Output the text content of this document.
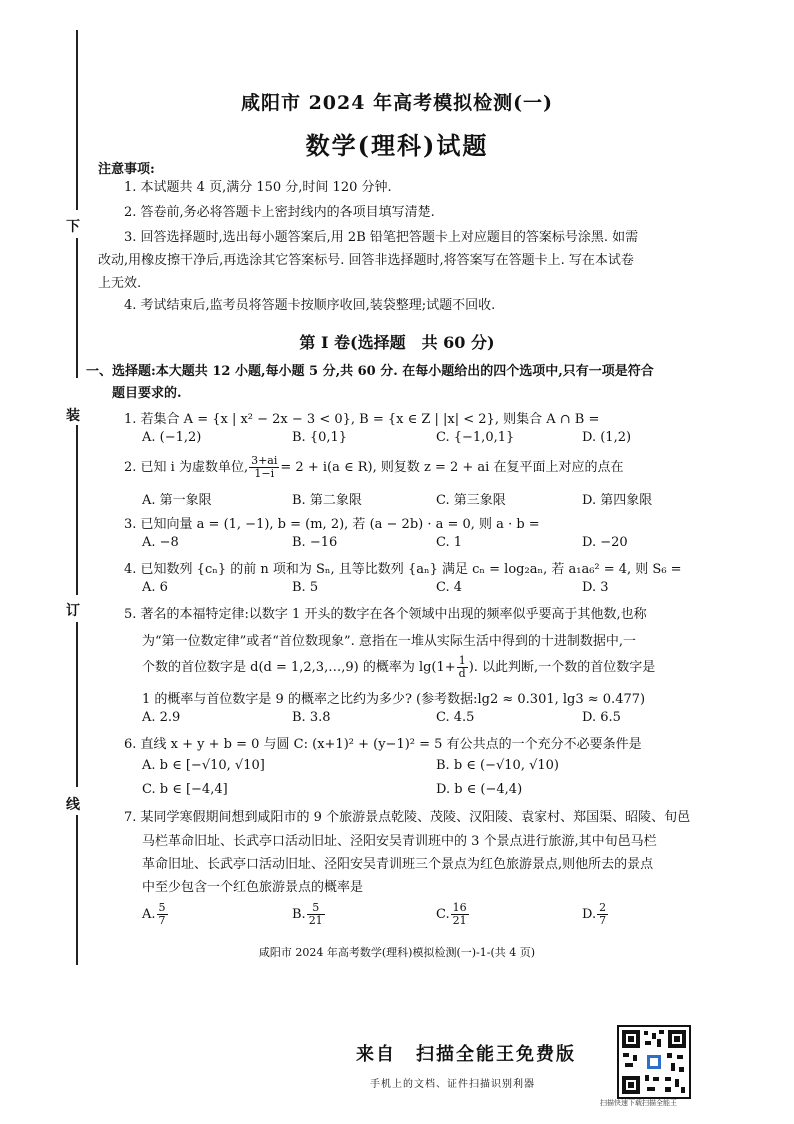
下
装
订
线
咸阳市 2024 年高考模拟检测(一)
数学(理科)试题
注意事项:
1. 本试题共 4 页,满分 150 分,时间 120 分钟.
2. 答卷前,务必将答题卡上密封线内的各项目填写清楚.
3. 回答选择题时,选出每小题答案后,用 2B 铅笔把答题卡上对应题目的答案标号涂黑. 如需
改动,用橡皮擦干净后,再选涂其它答案标号. 回答非选择题时,将答案写在答题卡上. 写在本试卷
上无效.
4. 考试结束后,监考员将答题卡按顺序收回,装袋整理;试题不回收.
第 Ⅰ 卷(选择题　共 60 分)
一、选择题:本大题共 12 小题,每小题 5 分,共 60 分. 在每小题给出的四个选项中,只有一项是符合
题目要求的.
1. 若集合 A = {x | x² − 2x − 3 < 0}, B = {x ∈ Z | |x| < 2}, 则集合 A ∩ B =
A. (−1,2)	B. {0,1}	C. {−1,0,1}	D. (1,2)
2. 已知 i 为虚数单位, $\frac{3+ai}{1-i} = 2 + i(a$ ∈ R), 则复数 z = 2 + ai 在复平面上对应的点在
A. 第一象限	B. 第二象限	C. 第三象限	D. 第四象限
3. 已知向量 a = (1, −1), b = (m, 2), 若 (a − 2b) · a = 0, 则 a · b =
A. −8	B. −16	C. 1	D. −20
4. 已知数列 {cₙ} 的前 n 项和为 Sₙ, 且等比数列 {aₙ} 满足 cₙ = log₂aₙ, 若 a₁a₆² = 4, 则 S₆ =
A. 6	B. 5	C. 4	D. 3
5. 著名的本福特定律:以数字 1 开头的数字在各个领域中出现的频率似乎要高于其他数,也称
为“第一位数定律”或者“首位数现象”. 意指在一堆从实际生活中得到的十进制数据中,一
个数的首位数字是 d(d = 1,2,3,…,9) 的概率为 $\lg(1+ \frac{1}{d}$ ). 以此判断,一个数的首位数字是
1 的概率与首位数字是 9 的概率之比约为多少? (参考数据:lg2 ≈ 0.301, lg3 ≈ 0.477)
A. 2.9	B. 3.8	C. 4.5	D. 6.5
6. 直线 x + y + b = 0 与圆 C: (x+1)² + (y−1)² = 5 有公共点的一个充分不必要条件是
A. b ∈ [−√10, √10]	B. b ∈ (−√10, √10)
C. b ∈ [−4,4]	D. b ∈ (−4,4)
7. 某同学寒假期间想到咸阳市的 9 个旅游景点乾陵、茂陵、汉阳陵、袁家村、郑国渠、昭陵、旬邑
马栏革命旧址、长武亭口活动旧址、泾阳安吴青训班中的 3 个景点进行旅游,其中旬邑马栏
革命旧址、长武亭口活动旧址、泾阳安吴青训班三个景点为红色旅游景点,则他所去的景点
中至少包含一个红色旅游景点的概率是
A. $\frac{5}{7}$	B. $\frac{5}{21}$	C. $\frac{16}{21}$	D. $\frac{2}{7}$
咸阳市 2024 年高考数学(理科)模拟检测(一)-1-(共 4 页)
来自　扫描全能王免费版
手机上的文档、证件扫描识别利器
扫描快速下载扫描全能王
